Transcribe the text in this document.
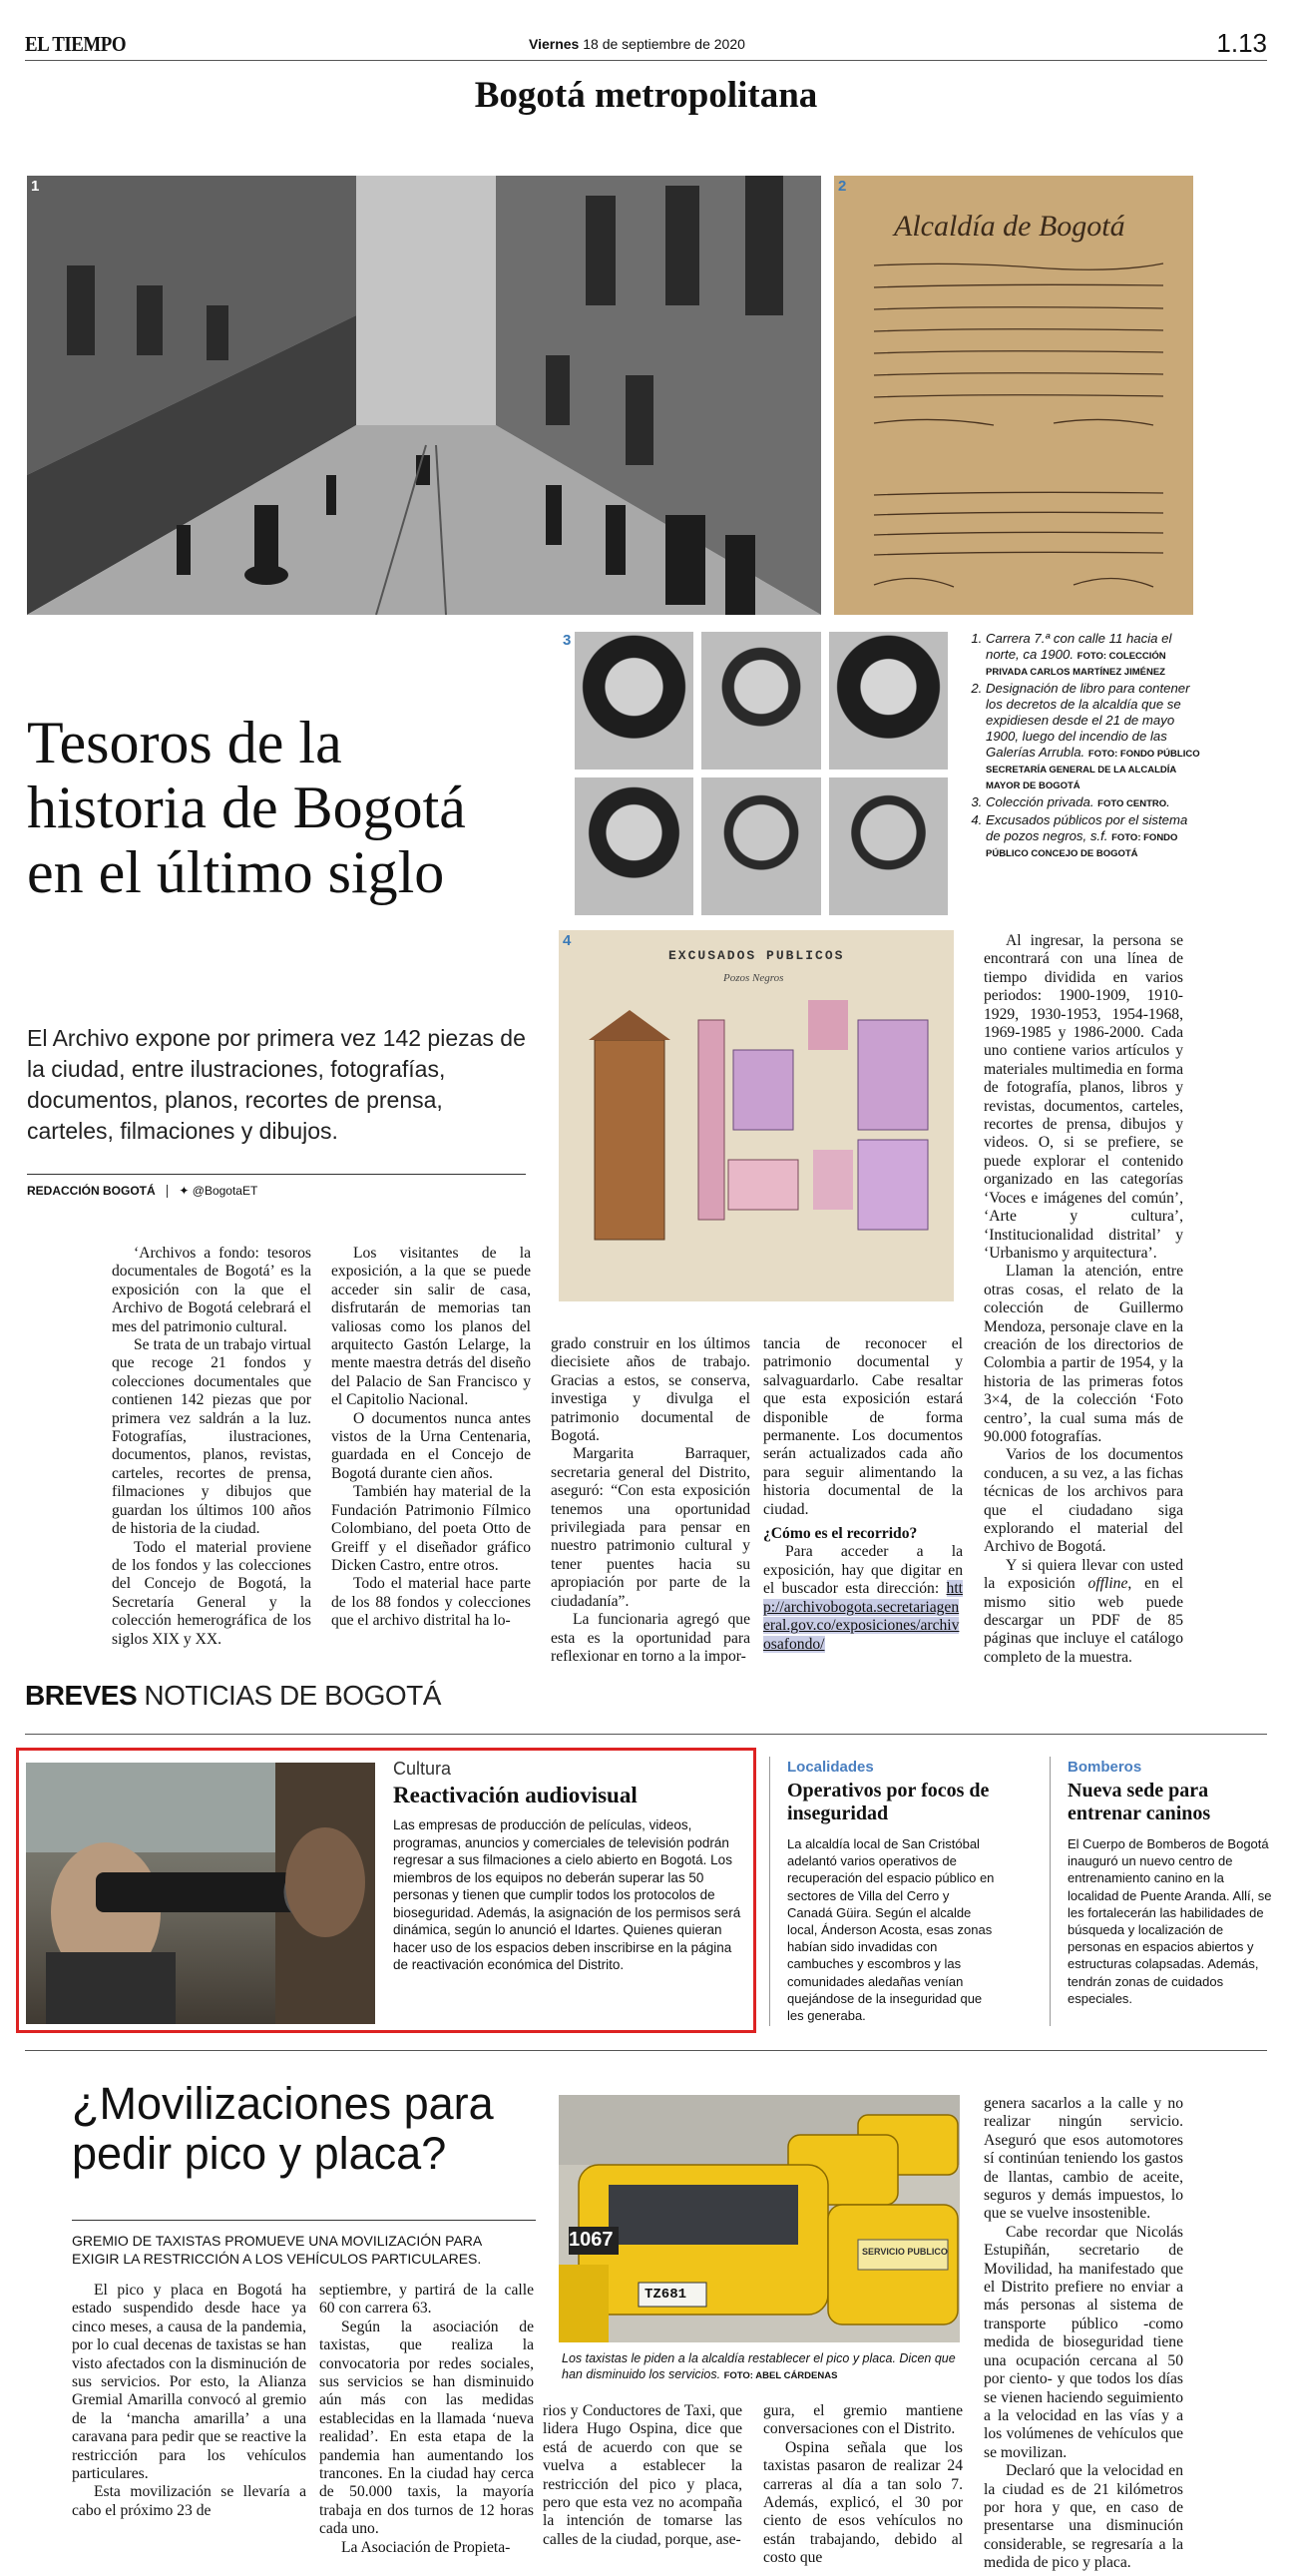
EL TIEMPO	Viernes 18 de septiembre de 2020	1.13
Bogotá metropolitana
1	2
Alcaldía de Bogotá
3
1.	Carrera 7.ª con calle 11 hacia el norte, ca 1900. FOTO: COLECCIÓN PRIVADA CARLOS MARTÍNEZ JIMÉNEZ
2. Designación de libro para contener los decretos de la alcaldía que se expidiesen desde el 21 de mayo 1900, luego del incendio de las Galerías Arrubla. FOTO: FONDO PÚBLICO SECRETARÍA GENERAL DE LA ALCALDÍA MAYOR DE BOGOTÁ
3. Colección privada. FOTO CENTRO.
4. Excusados públicos por el sistema de pozos negros, s.f. FOTO: FONDO PÚBLICO CONCEJO DE BOGOTÁ
4
EXCUSADOS PUBLICOS
Pozos Negros
Tesoros de la historia de Bogotá en el último siglo
El Archivo expone por primera vez 142 piezas de la ciudad, entre ilustraciones, fotografías, documentos, planos, recortes de prensa, carteles, filmaciones y dibujos.
REDACCIÓN BOGOTÁ ✦ @BogotaET

‘Archivos a fondo: tesoros documentales de Bogotá’ es la exposición con la que el Archivo de Bogotá celebrará el mes del patrimonio cultural.

Se trata de un trabajo virtual que recoge 21 fondos y colecciones documentales que contienen 142 piezas que por primera vez saldrán a la luz. Fotografías, ilustraciones, documentos, planos, revistas, carteles, recortes de prensa, filmaciones y dibujos que guardan los últimos 100 años de historia de la ciudad.

Todo el material proviene de los fondos y las colecciones del Concejo de Bogotá, la Secretaría General y la colección hemerográfica de los siglos XIX y XX.

Los visitantes de la exposición, a la que se puede acceder sin salir de casa, disfrutarán de memorias tan valiosas como los planos del arquitecto Gastón Lelarge, la mente maestra detrás del diseño del Palacio de San Francisco y el Capitolio Nacional.

O documentos nunca antes vistos de la Urna Centenaria, guardada en el Concejo de Bogotá durante cien años.

También hay material de la Fundación Patrimonio Fílmico Colombiano, del poeta Otto de Greiff y el diseñador gráfico Dicken Castro, entre otros.

Todo el material hace parte de los 88 fondos y colecciones que el archivo distrital ha lo-

grado construir en los últimos diecisiete años de trabajo. Gracias a estos, se conserva, investiga y divulga el patrimonio documental de Bogotá.

Margarita Barraquer, secretaria general del Distrito, aseguró: “Con esta exposición tenemos una oportunidad privilegiada para pensar en nuestro patrimonio cultural y tener puentes hacia su apropiación por parte de la ciudadanía”.

La funcionaria agregó que esta es la oportunidad para reflexionar en torno a la impor-

tancia de reconocer el patrimonio documental y salvaguardarlo. Cabe resaltar que esta exposición estará disponible de forma permanente. Los documentos serán actualizados cada año para seguir alimentando la historia documental de la ciudad.

¿Cómo es el recorrido?

Para acceder a la exposición, hay que digitar en el buscador esta dirección: http://archivobogota.secretariageneral.gov.co/exposiciones/archivosafondo/

Al ingresar, la persona se encontrará con una línea de tiempo dividida en varios periodos: 1900-1909, 1910-1929, 1930-1953, 1954-1968, 1969-1985 y 1986-2000. Cada uno contiene varios artículos y materiales multimedia en forma de fotografía, planos, libros y revistas, documentos, carteles, recortes de prensa, dibujos y videos. O, si se prefiere, se puede explorar el contenido organizado en las categorías ‘Voces e imágenes del común’, ‘Arte y cultura’, ‘Institucionalidad distrital’ y ‘Urbanismo y arquitectura’.

Llaman la atención, entre otras cosas, el relato de la colección de Guillermo Mendoza, personaje clave en la creación de los directorios de Colombia a partir de 1954, y la historia de las primeras fotos 3×4, de la colección ‘Foto centro’, la cual suma más de 90.000 fotografías.

Varios de los documentos conducen, a su vez, a las fichas técnicas de los archivos para que el ciudadano siga explorando el material del Archivo de Bogotá.

Y si quiera llevar con usted la exposición offline, en el mismo sitio web puede descargar un PDF de 85 páginas que incluye el catálogo completo de la muestra.

BREVES NOTICIAS DE BOGOTÁ
Cultura
Reactivación audiovisual
Las empresas de producción de películas, videos, programas, anuncios y comerciales de televisión podrán regresar a sus filmaciones a cielo abierto en Bogotá. Los miembros de los equipos no deberán superar las 50 personas y tienen que cumplir todos los protocolos de bioseguridad. Además, la asignación de los permisos será dinámica, según lo anunció el Idartes. Quienes quieran hacer uso de los espacios deben inscribirse en la página de reactivación económica del Distrito.
Localidades
Operativos por focos de inseguridad
La alcaldía local de San Cristóbal adelantó varios operativos de recuperación del espacio público en sectores de Villa del Cerro y Canadá Güira. Según el alcalde local, Ánderson Acosta, esas zonas habían sido invadidas con cambuches y escombros y las comunidades aledañas venían quejándose de la inseguridad que les generaba.
Bomberos
Nueva sede para entrenar caninos
El Cuerpo de Bomberos de Bogotá inauguró un nuevo centro de entrenamiento canino en la localidad de Puente Aranda. Allí, se les fortalecerán las habilidades de búsqueda y localización de personas en espacios abiertos y estructuras colapsadas. Además, tendrán zonas de cuidados especiales.
¿Movilizaciones para pedir pico y placa?
GREMIO DE TAXISTAS PROMUEVE UNA MOVILIZACIÓN PARA EXIGIR LA RESTRICCIÓN A LOS VEHÍCULOS PARTICULARES.
1067
TZ681
SERVICIO PUBLICO
Los taxistas le piden a la alcaldía restablecer el pico y placa. Dicen que han disminuido los servicios. FOTO: ABEL CÁRDENAS

El pico y placa en Bogotá ha estado suspendido desde hace ya cinco meses, a causa de la pandemia, por lo cual decenas de taxistas se han visto afectados con la disminución de sus servicios. Por esto, la Alianza Gremial Amarilla convocó al gremio de la ‘mancha amarilla’ a una caravana para pedir que se reactive la restricción para los vehículos particulares.

Esta movilización se llevaría a cabo el próximo 23 de

septiembre, y partirá de la calle 60 con carrera 63.

Según la asociación de taxistas, que realiza la convocatoria por redes sociales, sus servicios se han disminuido aún más con las medidas establecidas en la llamada ‘nueva realidad’. En esta etapa de la pandemia han aumentando los trancones. En la ciudad hay cerca de 50.000 taxis, la mayoría trabaja en dos turnos de 12 horas cada uno.

La Asociación de Propieta-

rios y Conductores de Taxi, que lidera Hugo Ospina, dice que está de acuerdo con que se vuelva a establecer la restricción del pico y placa, pero que esta vez no acompaña la intención de tomarse las calles de la ciudad, porque, ase-

gura, el gremio mantiene conversaciones con el Distrito.

Ospina señala que los taxistas pasaron de realizar 24 carreras al día a tan solo 7. Además, explicó, el 30 por ciento de esos vehículos no están trabajando, debido al costo que

genera sacarlos a la calle y no realizar ningún servicio. Aseguró que esos automotores sí continúan teniendo los gastos de llantas, cambio de aceite, seguros y demás impuestos, lo que se vuelve insostenible.

Cabe recordar que Nicolás Estupiñán, secretario de Movilidad, ha manifestado que el Distrito prefiere no enviar a más personas al sistema de transporte público -como medida de bioseguridad tiene una ocupación cercana al 50 por ciento- y que todos los días se vienen haciendo seguimiento a la velocidad en las vías y a los volúmenes de vehículos que se movilizan.

Declaró que la velocidad en la ciudad es de 21 kilómetros por hora y que, en caso de presentarse una disminución considerable, se regresaría a la medida de pico y placa.
